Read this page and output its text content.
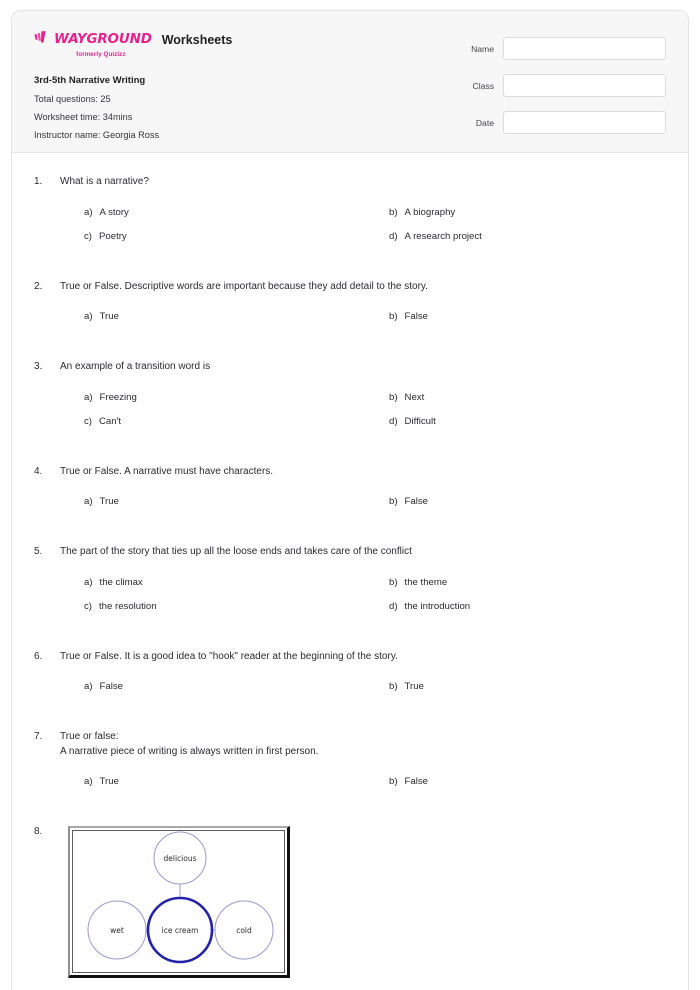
WAYGROUND
formerly Quizizz
Worksheets
3rd-5th Narrative Writing
Total questions: 25
Worksheet time: 34mins
Instructor name: Georgia Ross
Name
Class
Date
1.	What is a narrative?
a) A story	b) A biography
c) Poetry	d) A research project
2.	True or False. Descriptive words are important because they add detail to the story.
a) True	b) False
3.	An example of a transition word is
a) Freezing	b) Next
c) Can't	d) Difficult
4.	True or False. A narrative must have characters.
a) True	b) False
5.	The part of the story that ties up all the loose ends and takes care of the conflict
a) the climax	b) the theme
c) the resolution	d) the introduction
6.	True or False. It is a good idea to "hook" reader at the beginning of the story.
a) False	b) True
7.	True or false:
A narrative piece of writing is always written in first person.
a) True	b) False
8.
delicious
wet	cold
ice cream
